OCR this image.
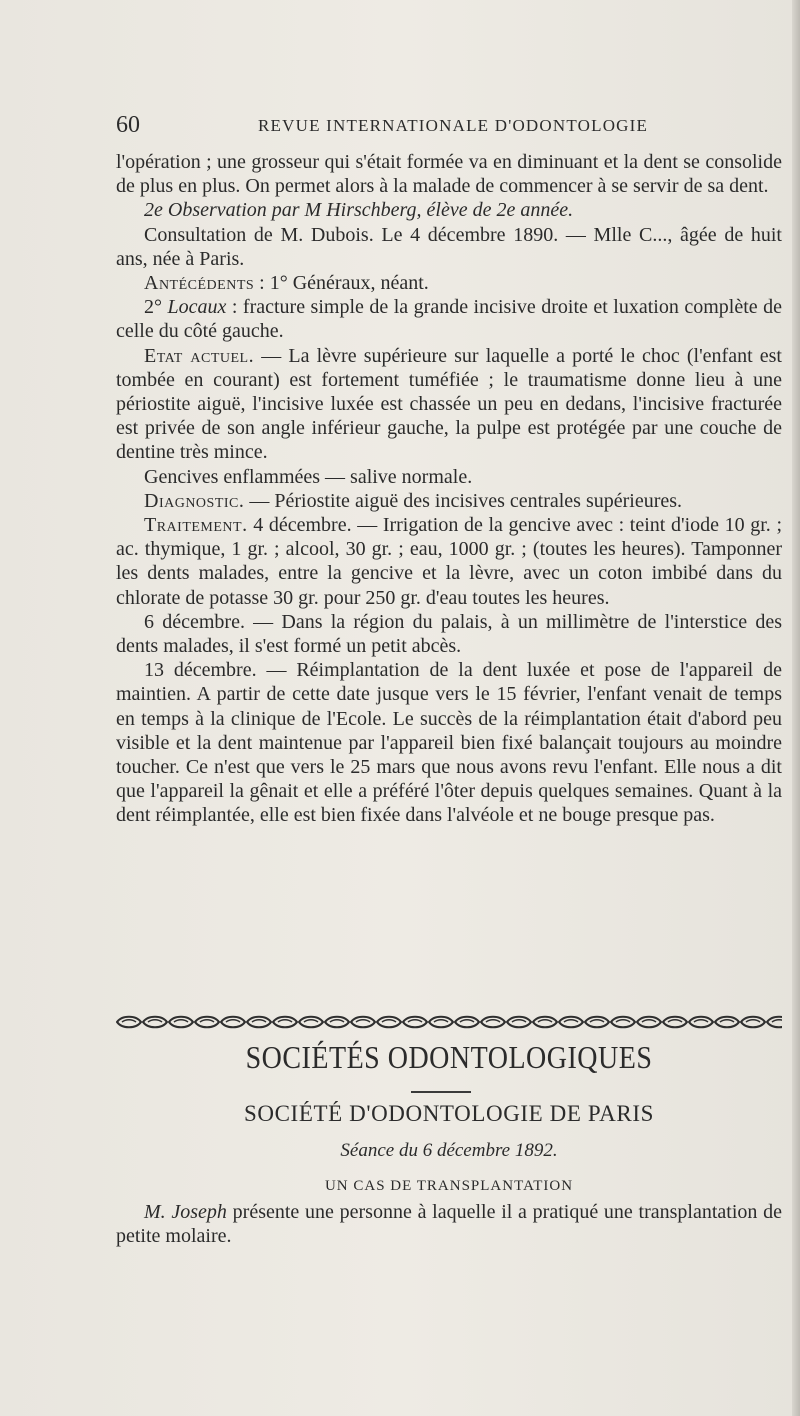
60	REVUE INTERNATIONALE D'ODONTOLOGIE

l'opération ; une grosseur qui s'était formée va en diminuant et la dent se consolide de plus en plus. On permet alors à la malade de commencer à se servir de sa dent.

2e Observation par M Hirschberg, élève de 2e année.

Consultation de M. Dubois. Le 4 décembre 1890. — Mlle C..., âgée de huit ans, née à Paris.

Antécédents : 1° Généraux, néant.

2° Locaux : fracture simple de la grande incisive droite et luxation complète de celle du côté gauche.

Etat actuel. — La lèvre supérieure sur laquelle a porté le choc (l'enfant est tombée en courant) est fortement tuméfiée ; le traumatisme donne lieu à une périostite aiguë, l'incisive luxée est chassée un peu en dedans, l'incisive fracturée est privée de son angle inférieur gauche, la pulpe est protégée par une couche de dentine très mince.

Gencives enflammées — salive normale.

Diagnostic. — Périostite aiguë des incisives centrales supérieures.

Traitement. 4 décembre. — Irrigation de la gencive avec : teint d'iode 10 gr. ; ac. thymique, 1 gr. ; alcool, 30 gr. ; eau, 1000 gr. ; (toutes les heures). Tamponner les dents malades, entre la gencive et la lèvre, avec un coton imbibé dans du chlorate de potasse 30 gr. pour 250 gr. d'eau toutes les heures.

6 décembre. — Dans la région du palais, à un millimètre de l'interstice des dents malades, il s'est formé un petit abcès.

13 décembre. — Réimplantation de la dent luxée et pose de l'appareil de maintien. A partir de cette date jusque vers le 15 février, l'enfant venait de temps en temps à la clinique de l'Ecole. Le succès de la réimplantation était d'abord peu visible et la dent maintenue par l'appareil bien fixé balançait toujours au moindre toucher. Ce n'est que vers le 25 mars que nous avons revu l'enfant. Elle nous a dit que l'appareil la gênait et elle a préféré l'ôter depuis quelques semaines. Quant à la dent réimplantée, elle est bien fixée dans l'alvéole et ne bouge presque pas.

SOCIÉTÉS ODONTOLOGIQUES
SOCIÉTÉ D'ODONTOLOGIE DE PARIS
Séance du 6 décembre 1892.
UN CAS DE TRANSPLANTATION

M. Joseph présente une personne à laquelle il a pratiqué une transplantation de petite molaire.
